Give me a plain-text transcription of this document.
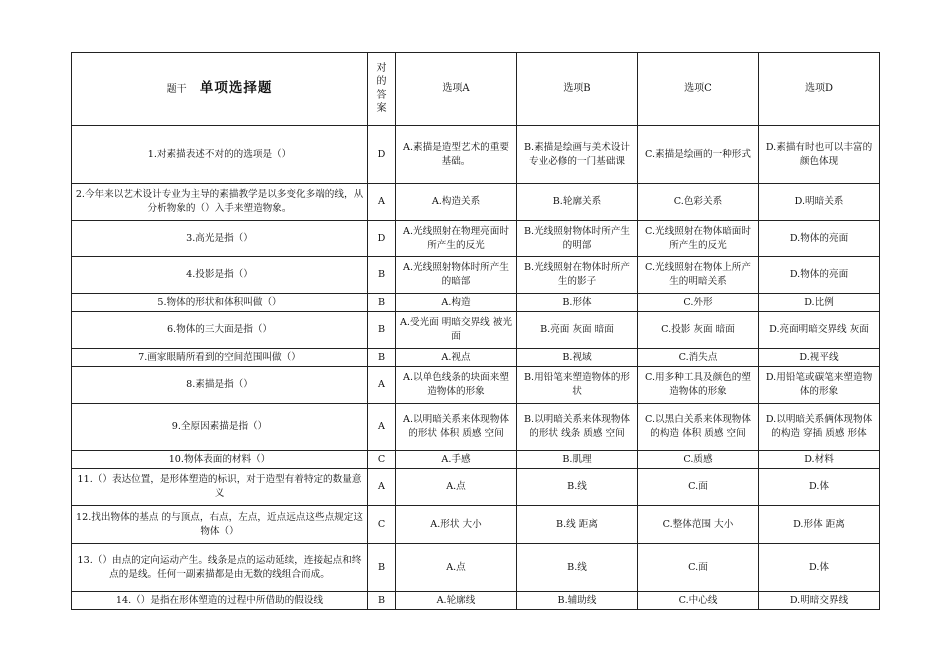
题干 单项选择题	对的答案	选项A	选项B	选项C	选项D
1.对素描表述不对的的选项是（）	D	A.素描是造型艺术的重要基础。	B.素描是绘画与美术设计专业必修的一门基础课	C.素描是绘画的一种形式	D.素描有时也可以丰富的颜色体现
2.今年来以艺术设计专业为主导的素描教学是以多变化多端的线，从分析物象的（）入手来塑造物象。	A	A.构造关系	B.轮廓关系	C.色彩关系	D.明暗关系
3.高光是指（）	D	A.光线照射在物理亮面时所产生的反光	B.光线照射物体时所产生的明部	C.光线照射在物体暗面时所产生的反光	D.物体的亮面
4.投影是指（）	B	A.光线照射物体时所产生的暗部	B.光线照射在物体时所产生的影子	C.光线照射在物体上所产生的明暗关系	D.物体的亮面
5.物体的形状和体积叫做（）	B	A.构造	B.形体	C.外形	D.比例
6.物体的三大面是指（）	B	A.受光面 明暗交界线 被光面	B.亮面 灰面 暗面	C.投影 灰面 暗面	D.亮面明暗交界线 灰面
7.画家眼睛所看到的空间范围叫做（）	B	A.视点	B.视域	C.消失点	D.视平线
8.素描是指（）	A	A.以单色线条的块面来塑造物体的形象	B.用铅笔来塑造物体的形状	C.用多种工具及颜色的塑造物体的形象	D.用铅笔或碳笔来塑造物体的形象
9.全原因素描是指（）	A	A.以明暗关系来体现物体的形状 体积 质感 空间	B.以明暗关系来体现物体的形状 线条 质感 空间	C.以黑白关系来体现物体的构造 体积 质感 空间	D.以明暗关系俩体现物体的构造 穿插 质感 形体
10.物体表面的材料（）	C	A.手感	B.肌理	C.质感	D.材料
11.（）表达位置，是形体塑造的标识，对于造型有着特定的数量意义	A	A.点	B.线	C.面	D.体
12.找出物体的基点 的与顶点，右点，左点，近点远点这些点规定这物体（）	C	A.形状 大小	B.线 距离	C.整体范围 大小	D.形体 距离
13.（）由点的定向运动产生。线条是点的运动延续，连接起点和终点的是线。任何一副素描都是由无数的线组合而成。	B	A.点	B.线	C.面	D.体
14.（）是指在形体塑造的过程中所借助的假设线	B	A.轮廓线	B.辅助线	C.中心线	D.明暗交界线
